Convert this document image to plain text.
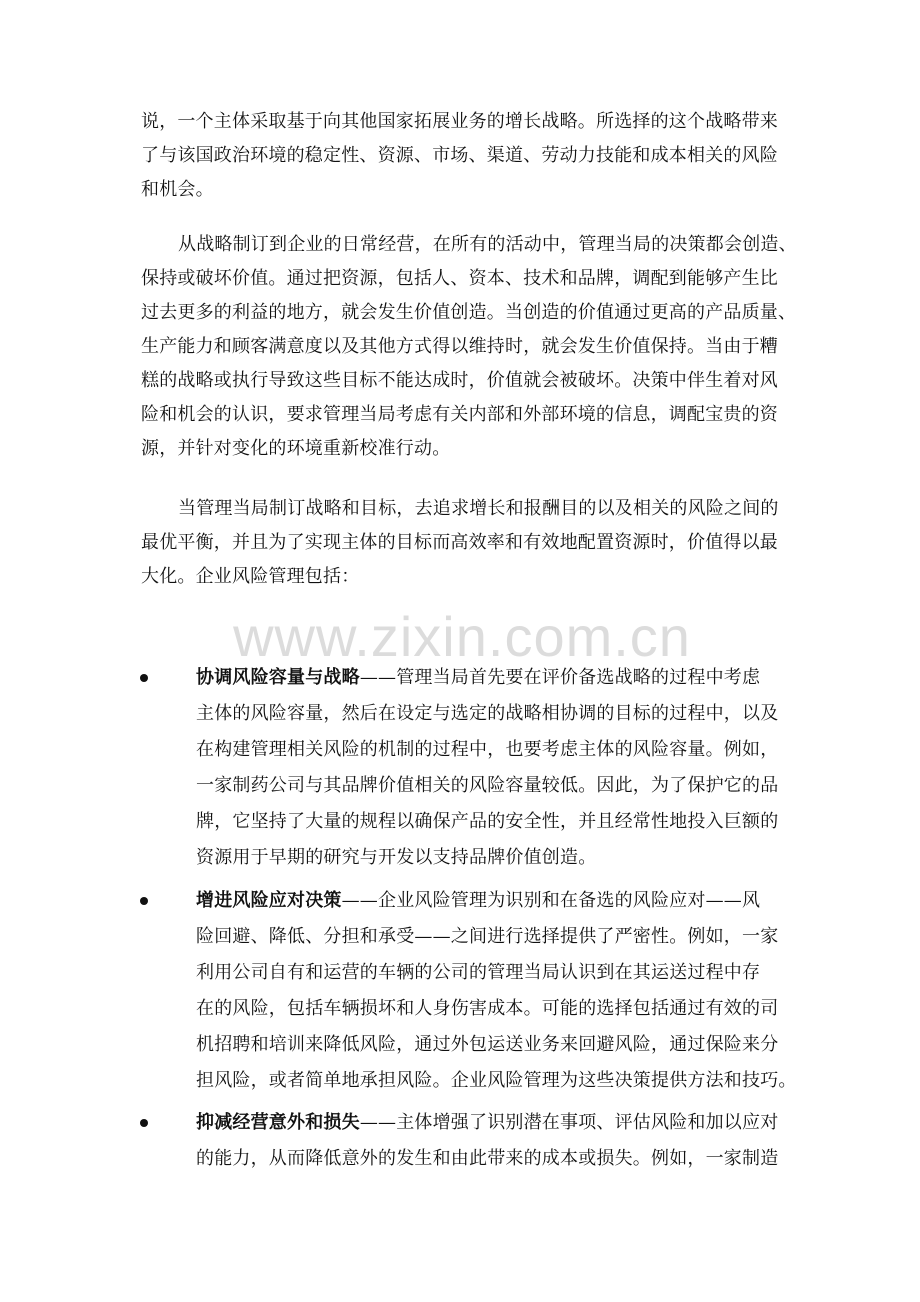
说，一个主体采取基于向其他国家拓展业务的增长战略。所选择的这个战略带来
了与该国政治环境的稳定性、资源、市场、渠道、劳动力技能和成本相关的风险
和机会。
从战略制订到企业的日常经营，在所有的活动中，管理当局的决策都会创造、
保持或破坏价值。通过把资源，包括人、资本、技术和品牌，调配到能够产生比
过去更多的利益的地方，就会发生价值创造。当创造的价值通过更高的产品质量、
生产能力和顾客满意度以及其他方式得以维持时，就会发生价值保持。当由于糟
糕的战略或执行导致这些目标不能达成时，价值就会被破坏。决策中伴生着对风
险和机会的认识，要求管理当局考虑有关内部和外部环境的信息，调配宝贵的资
源，并针对变化的环境重新校准行动。
当管理当局制订战略和目标，去追求增长和报酬目的以及相关的风险之间的
最优平衡，并且为了实现主体的目标而高效率和有效地配置资源时，价值得以最
大化。企业风险管理包括：
www.zixin.com.cn
协调风险容量与战略——管理当局首先要在评价备选战略的过程中考虑
主体的风险容量，然后在设定与选定的战略相协调的目标的过程中，以及
在构建管理相关风险的机制的过程中，也要考虑主体的风险容量。例如，
一家制药公司与其品牌价值相关的风险容量较低。因此，为了保护它的品
牌，它坚持了大量的规程以确保产品的安全性，并且经常性地投入巨额的
资源用于早期的研究与开发以支持品牌价值创造。
增进风险应对决策——企业风险管理为识别和在备选的风险应对——风
险回避、降低、分担和承受——之间进行选择提供了严密性。例如，一家
利用公司自有和运营的车辆的公司的管理当局认识到在其运送过程中存
在的风险，包括车辆损坏和人身伤害成本。可能的选择包括通过有效的司
机招聘和培训来降低风险，通过外包运送业务来回避风险，通过保险来分
担风险，或者简单地承担风险。企业风险管理为这些决策提供方法和技巧。
抑减经营意外和损失——主体增强了识别潜在事项、评估风险和加以应对
的能力，从而降低意外的发生和由此带来的成本或损失。例如，一家制造
